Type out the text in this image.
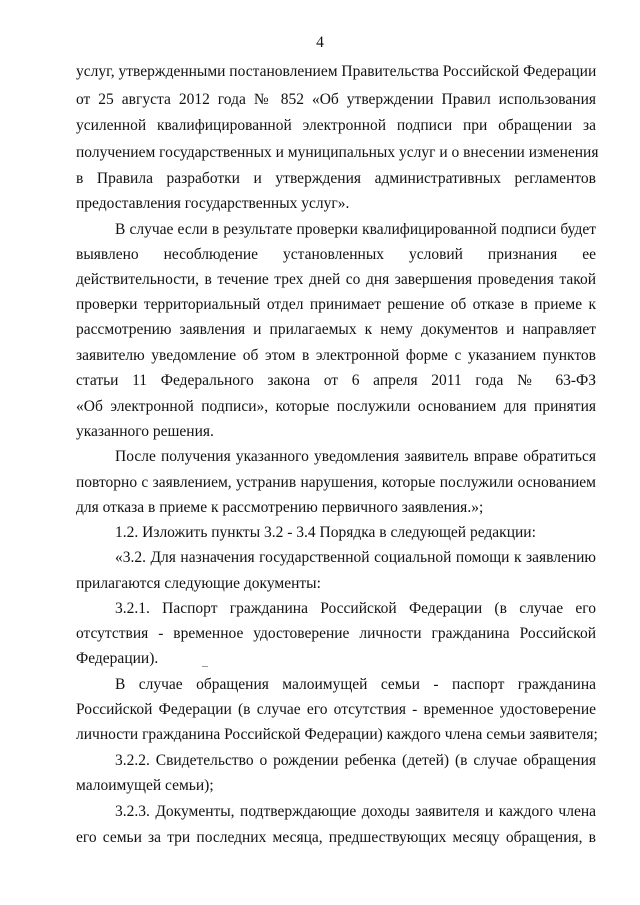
4
услуг, утвержденными постановлением Правительства Российской Федерации
от 25 августа 2012 года № 852 «Об утверждении Правил использования
усиленной квалифицированной электронной подписи при обращении за
получением государственных и муниципальных услуг и о внесении изменения
в Правила разработки и утверждения административных регламентов
предоставления государственных услуг».
В случае если в результате проверки квалифицированной подписи будет
выявлено несоблюдение установленных условий признания ее
действительности, в течение трех дней со дня завершения проведения такой
проверки территориальный отдел принимает решение об отказе в приеме к
рассмотрению заявления и прилагаемых к нему документов и направляет
заявителю уведомление об этом в электронной форме с указанием пунктов
статьи 11 Федерального закона от 6 апреля 2011 года № 63-ФЗ
«Об электронной подписи», которые послужили основанием для принятия
указанного решения.
После получения указанного уведомления заявитель вправе обратиться
повторно с заявлением, устранив нарушения, которые послужили основанием
для отказа в приеме к рассмотрению первичного заявления.»;
1.2. Изложить пункты 3.2 - 3.4 Порядка в следующей редакции:
«3.2. Для назначения государственной социальной помощи к заявлению
прилагаются следующие документы:
3.2.1. Паспорт гражданина Российской Федерации (в случае его
отсутствия - временное удостоверение личности гражданина Российской
Федерации).
В случае обращения малоимущей семьи - паспорт гражданина
Российской Федерации (в случае его отсутствия - временное удостоверение
личности гражданина Российской Федерации) каждого члена семьи заявителя;
3.2.2. Свидетельство о рождении ребенка (детей) (в случае обращения
малоимущей семьи);
3.2.3. Документы, подтверждающие доходы заявителя и каждого члена
его семьи за три последних месяца, предшествующих месяцу обращения, в
